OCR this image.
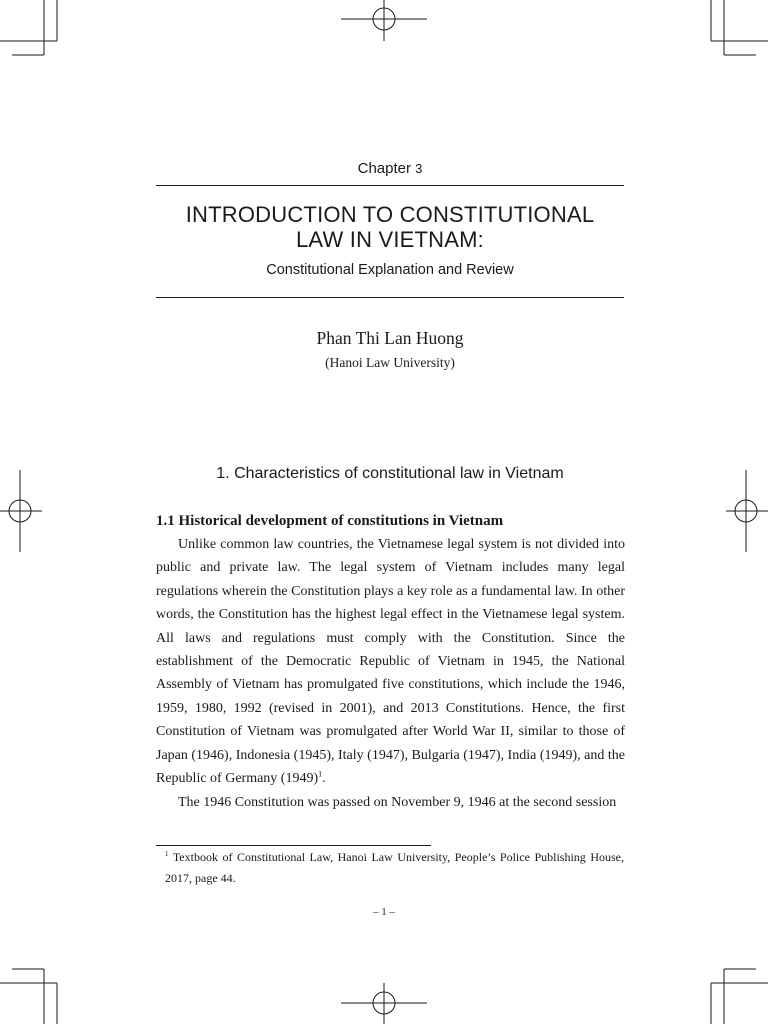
Chapter 3
INTRODUCTION TO CONSTITUTIONAL
LAW IN VIETNAM:
Constitutional Explanation and Review
Phan Thi Lan Huong
(Hanoi Law University)
1. Characteristics of constitutional law in Vietnam
1.1 Historical development of constitutions in Vietnam

Unlike common law countries, the Vietnamese legal system is not divided into public and private law. The legal system of Vietnam includes many legal regulations wherein the Constitution plays a key role as a fundamental law. In other words, the Constitution has the highest legal effect in the Vietnamese legal system. All laws and regulations must comply with the Constitution. Since the establishment of the Democratic Republic of Vietnam in 1945, the National Assembly of Vietnam has promulgated five constitutions, which include the 1946, 1959, 1980, 1992 (revised in 2001), and 2013 Constitutions. Hence, the first Constitution of Vietnam was promulgated after World War II, similar to those of Japan (1946), Indonesia (1945), Italy (1947), Bulgaria (1947), India (1949), and the Republic of Germany $(1949)^1$.

The 1946 Constitution was passed on November 9, 1946 at the second session

$^1$ Textbook of Constitutional Law, Hanoi Law University, People’s Police Publishing House, 2017, page 44.

– 1 –
